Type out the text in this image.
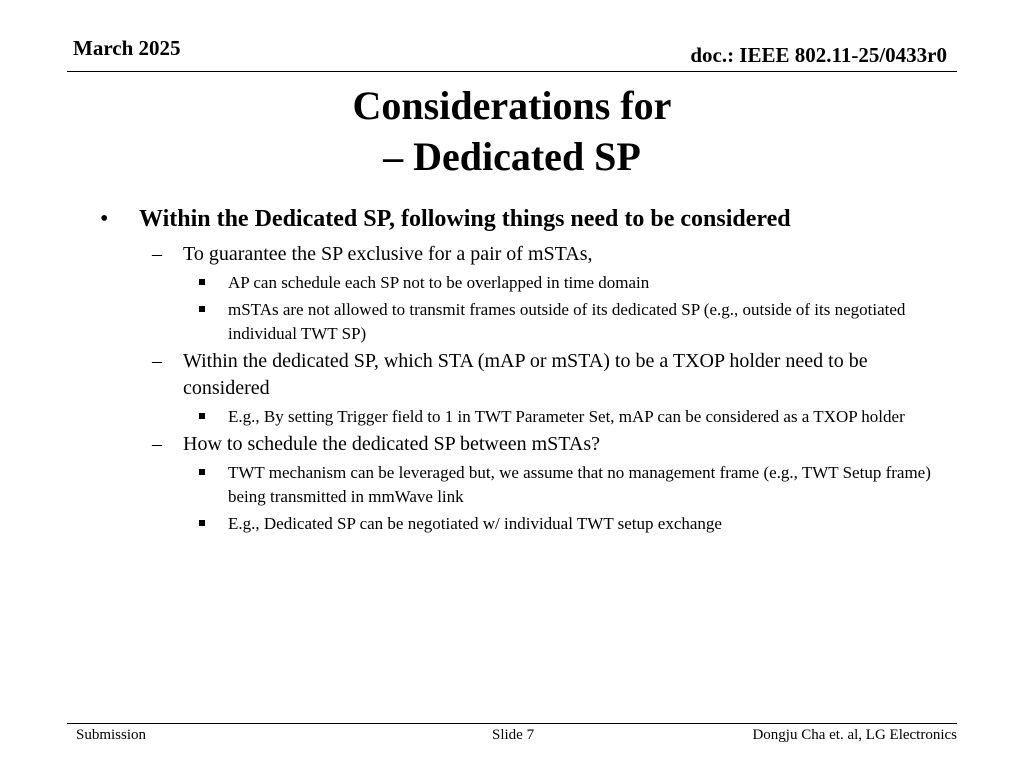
March 2025	doc.: IEEE 802.11-25/0433r0
Considerations for
– Dedicated SP
• Within the Dedicated SP, following things need to be considered
– To guarantee the SP exclusive for a pair of mSTAs,
AP can schedule each SP not to be overlapped in time domain
mSTAs are not allowed to transmit frames outside of its dedicated SP (e.g., outside of its negotiated individual TWT SP)
– Within the dedicated SP, which STA (mAP or mSTA) to be a TXOP holder need to be considered
E.g., By setting Trigger field to 1 in TWT Parameter Set, mAP can be considered as a TXOP holder
– How to schedule the dedicated SP between mSTAs?
TWT mechanism can be leveraged but, we assume that no management frame (e.g., TWT Setup frame) being transmitted in mmWave link
E.g., Dedicated SP can be negotiated w/ individual TWT setup exchange
Submission	Slide 7	Dongju Cha et. al, LG Electronics
